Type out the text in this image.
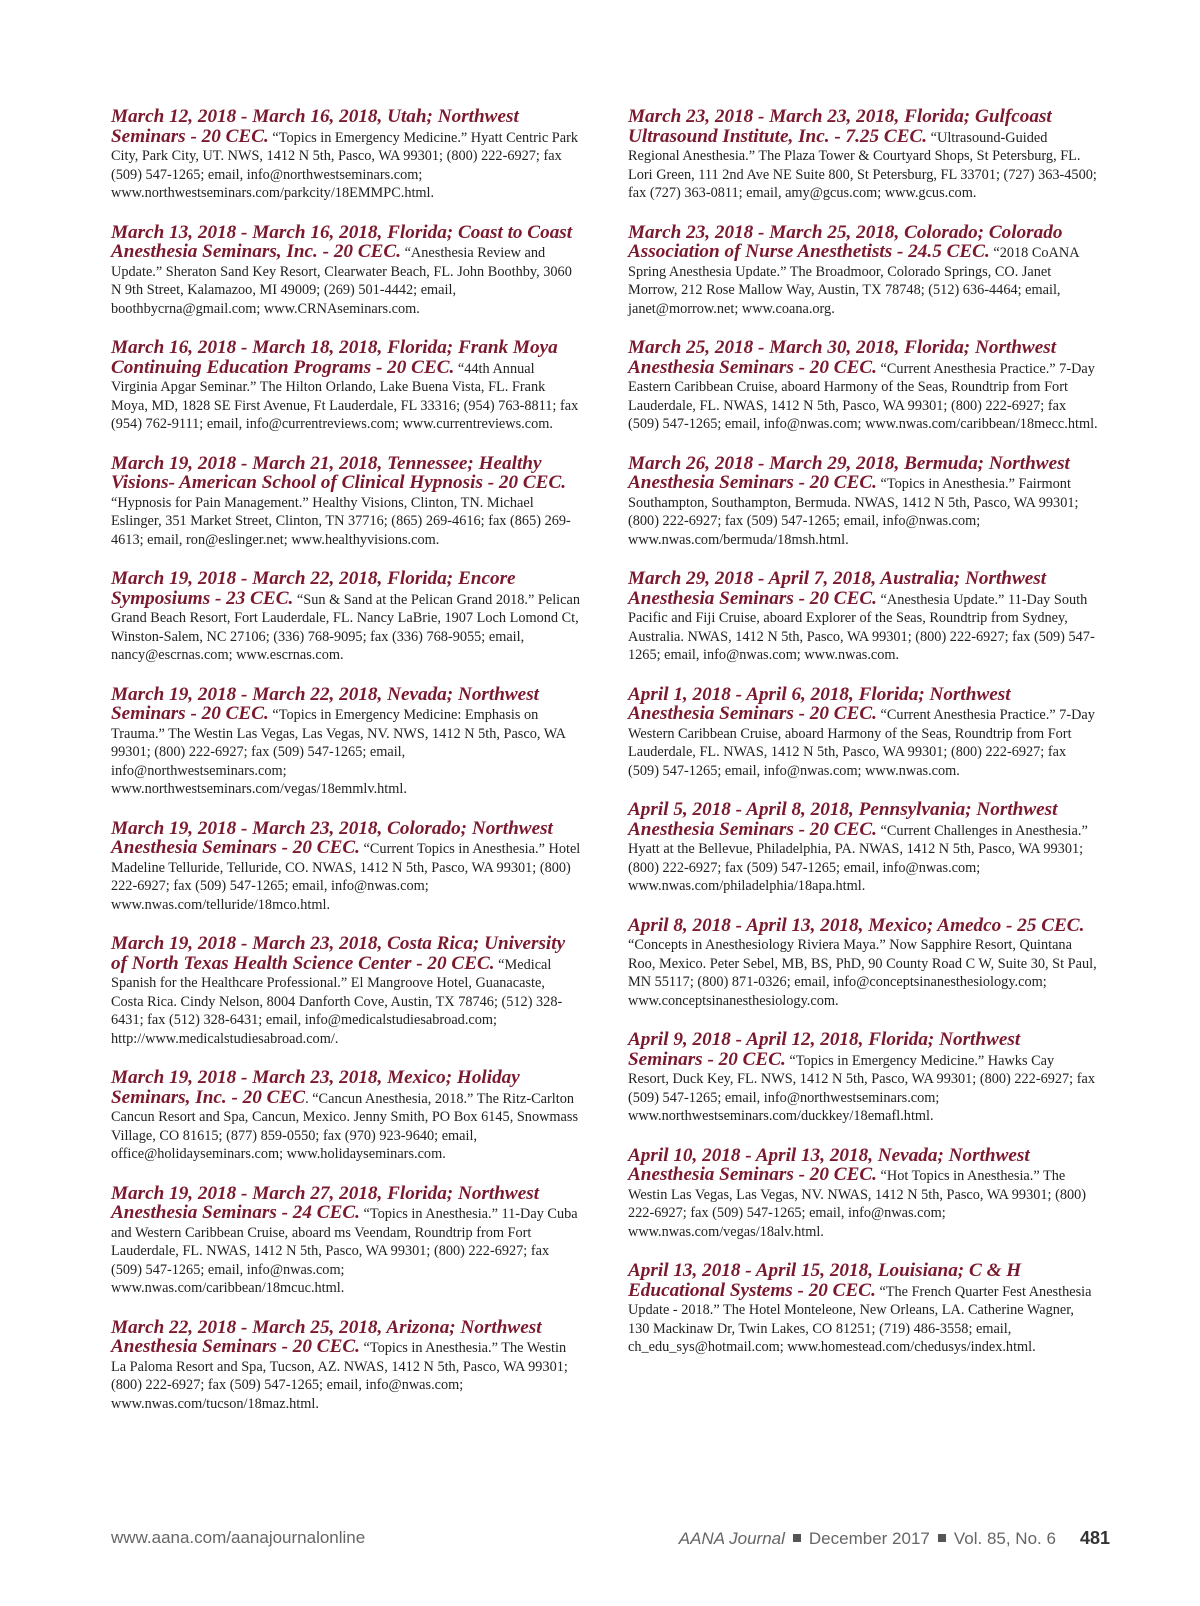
March 12, 2018 - March 16, 2018, Utah; Northwest Seminars - 20 CEC. “Topics in Emergency Medicine.” Hyatt Centric Park City, Park City, UT. NWS, 1412 N 5th, Pasco, WA 99301; (800) 222-6927; fax (509) 547-1265; email, info@northwestseminars.com; www.northwestseminars.com/parkcity/18EMMPC.html.

March 13, 2018 - March 16, 2018, Florida; Coast to Coast Anesthesia Seminars, Inc. - 20 CEC. “Anesthesia Review and Update.” Sheraton Sand Key Resort, Clearwater Beach, FL. John Boothby, 3060 N 9th Street, Kalamazoo, MI 49009; (269) 501-4442; email, boothbycrna@gmail.com; www.CRNAseminars.com.

March 16, 2018 - March 18, 2018, Florida; Frank Moya Continuing Education Programs - 20 CEC. “44th Annual Virginia Apgar Seminar.” The Hilton Orlando, Lake Buena Vista, FL. Frank Moya, MD, 1828 SE First Avenue, Ft Lauderdale, FL 33316; (954) 763-8811; fax (954) 762-9111; email, info@currentreviews.com; www.currentreviews.com.

March 19, 2018 - March 21, 2018, Tennessee; Healthy Visions- American School of Clinical Hypnosis - 20 CEC. “Hypnosis for Pain Management.” Healthy Visions, Clinton, TN. Michael Eslinger, 351 Market Street, Clinton, TN 37716; (865) 269-4616; fax (865) 269-4613; email, ron@eslinger.net; www.healthyvisions.com.

March 19, 2018 - March 22, 2018, Florida; Encore Symposiums - 23 CEC. “Sun & Sand at the Pelican Grand 2018.” Pelican Grand Beach Resort, Fort Lauderdale, FL. Nancy LaBrie, 1907 Loch Lomond Ct, Winston-Salem, NC 27106; (336) 768-9095; fax (336) 768-9055; email, nancy@escrnas.com; www.escrnas.com.

March 19, 2018 - March 22, 2018, Nevada; Northwest Seminars - 20 CEC. “Topics in Emergency Medicine: Emphasis on Trauma.” The Westin Las Vegas, Las Vegas, NV. NWS, 1412 N 5th, Pasco, WA 99301; (800) 222-6927; fax (509) 547-1265; email, info@northwestseminars.com; www.northwestseminars.com/vegas/18emmlv.html.

March 19, 2018 - March 23, 2018, Colorado; Northwest Anesthesia Seminars - 20 CEC. “Current Topics in Anesthesia.” Hotel Madeline Telluride, Telluride, CO. NWAS, 1412 N 5th, Pasco, WA 99301; (800) 222-6927; fax (509) 547-1265; email, info@nwas.com; www.nwas.com/telluride/18mco.html.

March 19, 2018 - March 23, 2018, Costa Rica; University of North Texas Health Science Center - 20 CEC. “Medical Spanish for the Healthcare Professional.” El Mangroove Hotel, Guanacaste, Costa Rica. Cindy Nelson, 8004 Danforth Cove, Austin, TX 78746; (512) 328-6431; fax (512) 328-6431; email, info@medicalstudiesabroad.com; http://www.medicalstudiesabroad.com/.

March 19, 2018 - March 23, 2018, Mexico; Holiday Seminars, Inc. - 20 CEC. “Cancun Anesthesia, 2018.” The Ritz-Carlton Cancun Resort and Spa, Cancun, Mexico. Jenny Smith, PO Box 6145, Snowmass Village, CO 81615; (877) 859-0550; fax (970) 923-9640; email, office@holidayseminars.com; www.holidayseminars.com.

March 19, 2018 - March 27, 2018, Florida; Northwest Anesthesia Seminars - 24 CEC. “Topics in Anesthesia.” 11-Day Cuba and Western Caribbean Cruise, aboard ms Veendam, Roundtrip from Fort Lauderdale, FL. NWAS, 1412 N 5th, Pasco, WA 99301; (800) 222-6927; fax (509) 547-1265; email, info@nwas.com; www.nwas.com/caribbean/18mcuc.html.

March 22, 2018 - March 25, 2018, Arizona; Northwest Anesthesia Seminars - 20 CEC. “Topics in Anesthesia.” The Westin La Paloma Resort and Spa, Tucson, AZ. NWAS, 1412 N 5th, Pasco, WA 99301; (800) 222-6927; fax (509) 547-1265; email, info@nwas.com; www.nwas.com/tucson/18maz.html.

March 23, 2018 - March 23, 2018, Florida; Gulfcoast Ultrasound Institute, Inc. - 7.25 CEC. “Ultrasound-Guided Regional Anesthesia.” The Plaza Tower & Courtyard Shops, St Petersburg, FL. Lori Green, 111 2nd Ave NE Suite 800, St Petersburg, FL 33701; (727) 363-4500; fax (727) 363-0811; email, amy@gcus.com; www.gcus.com.

March 23, 2018 - March 25, 2018, Colorado; Colorado Association of Nurse Anesthetists - 24.5 CEC. “2018 CoANA Spring Anesthesia Update.” The Broadmoor, Colorado Springs, CO. Janet Morrow, 212 Rose Mallow Way, Austin, TX 78748; (512) 636-4464; email, janet@morrow.net; www.coana.org.

March 25, 2018 - March 30, 2018, Florida; Northwest Anesthesia Seminars - 20 CEC. “Current Anesthesia Practice.” 7-Day Eastern Caribbean Cruise, aboard Harmony of the Seas, Roundtrip from Fort Lauderdale, FL. NWAS, 1412 N 5th, Pasco, WA 99301; (800) 222-6927; fax (509) 547-1265; email, info@nwas.com; www.nwas.com/caribbean/18mecc.html.

March 26, 2018 - March 29, 2018, Bermuda; Northwest Anesthesia Seminars - 20 CEC. “Topics in Anesthesia.” Fairmont Southampton, Southampton, Bermuda. NWAS, 1412 N 5th, Pasco, WA 99301; (800) 222-6927; fax (509) 547-1265; email, info@nwas.com; www.nwas.com/bermuda/18msh.html.

March 29, 2018 - April 7, 2018, Australia; Northwest Anesthesia Seminars - 20 CEC. “Anesthesia Update.” 11-Day South Pacific and Fiji Cruise, aboard Explorer of the Seas, Roundtrip from Sydney, Australia. NWAS, 1412 N 5th, Pasco, WA 99301; (800) 222-6927; fax (509) 547-1265; email, info@nwas.com; www.nwas.com.

April 1, 2018 - April 6, 2018, Florida; Northwest Anesthesia Seminars - 20 CEC. “Current Anesthesia Practice.” 7-Day Western Caribbean Cruise, aboard Harmony of the Seas, Roundtrip from Fort Lauderdale, FL. NWAS, 1412 N 5th, Pasco, WA 99301; (800) 222-6927; fax (509) 547-1265; email, info@nwas.com; www.nwas.com.

April 5, 2018 - April 8, 2018, Pennsylvania; Northwest Anesthesia Seminars - 20 CEC. “Current Challenges in Anesthesia.” Hyatt at the Bellevue, Philadelphia, PA. NWAS, 1412 N 5th, Pasco, WA 99301; (800) 222-6927; fax (509) 547-1265; email, info@nwas.com; www.nwas.com/philadelphia/18apa.html.

April 8, 2018 - April 13, 2018, Mexico; Amedco - 25 CEC. “Concepts in Anesthesiology Riviera Maya.” Now Sapphire Resort, Quintana Roo, Mexico. Peter Sebel, MB, BS, PhD, 90 County Road C W, Suite 30, St Paul, MN 55117; (800) 871-0326; email, info@conceptsinanesthesiology.com; www.conceptsinanesthesiology.com.

April 9, 2018 - April 12, 2018, Florida; Northwest Seminars - 20 CEC. “Topics in Emergency Medicine.” Hawks Cay Resort, Duck Key, FL. NWS, 1412 N 5th, Pasco, WA 99301; (800) 222-6927; fax (509) 547-1265; email, info@northwestseminars.com; www.northwestseminars.com/duckkey/18emafl.html.

April 10, 2018 - April 13, 2018, Nevada; Northwest Anesthesia Seminars - 20 CEC. “Hot Topics in Anesthesia.” The Westin Las Vegas, Las Vegas, NV. NWAS, 1412 N 5th, Pasco, WA 99301; (800) 222-6927; fax (509) 547-1265; email, info@nwas.com; www.nwas.com/vegas/18alv.html.

April 13, 2018 - April 15, 2018, Louisiana; C & H Educational Systems - 20 CEC. “The French Quarter Fest Anesthesia Update - 2018.” The Hotel Monteleone, New Orleans, LA. Catherine Wagner, 130 Mackinaw Dr, Twin Lakes, CO 81251; (719) 486-3558; email, ch_edu_sys@hotmail.com; www.homestead.com/chedusys/index.html.

www.aana.com/aanajournalonline	AANA Journal December 2017 Vol. 85, No. 6 481
